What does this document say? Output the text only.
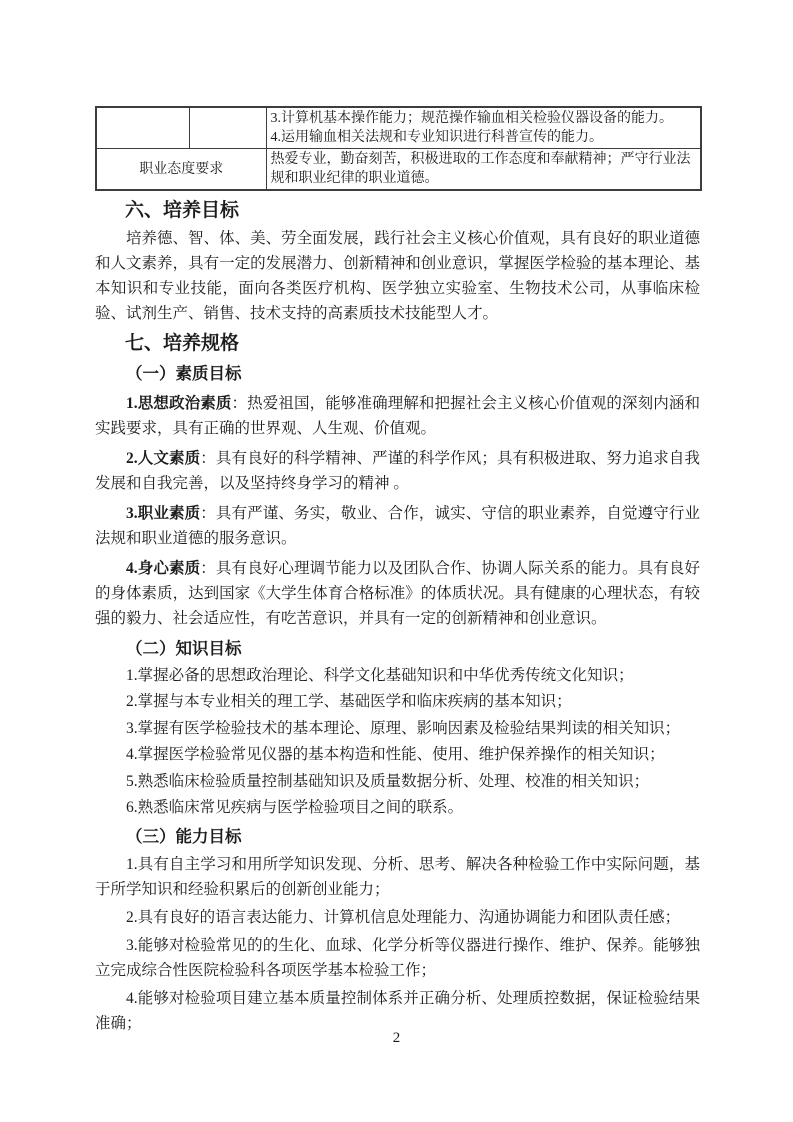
		3.计算机基本操作能力；规范操作输血相关检验仪器设备的能力。
4.运用输血相关法规和专业知识进行科普宣传的能力。

职业态度要求		热爱专业，勤奋刻苦，积极进取的工作态度和奉献精神；严守行业法规和职业纪律的职业道德。
六、培养目标

培养德、智、体、美、劳全面发展，践行社会主义核心价值观，具有良好的职业道德和人文素养，具有一定的发展潜力、创新精神和创业意识，掌握医学检验的基本理论、基本知识和专业技能，面向各类医疗机构、医学独立实验室、生物技术公司，从事临床检验、试剂生产、销售、技术支持的高素质技术技能型人才。

七、培养规格
（一）素质目标

1.思想政治素质：热爱祖国，能够准确理解和把握社会主义核心价值观的深刻内涵和实践要求，具有正确的世界观、人生观、价值观。

2.人文素质：具有良好的科学精神、严谨的科学作风；具有积极进取、努力追求自我发展和自我完善，以及坚持终身学习的精神 。

3.职业素质：具有严谨、务实，敬业、合作，诚实、守信的职业素养，自觉遵守行业法规和职业道德的服务意识。

4.身心素质：具有良好心理调节能力以及团队合作、协调人际关系的能力。具有良好的身体素质，达到国家《大学生体育合格标准》的体质状况。具有健康的心理状态，有较强的毅力、社会适应性，有吃苦意识，并具有一定的创新精神和创业意识。

（二）知识目标

1.掌握必备的思想政治理论、科学文化基础知识和中华优秀传统文化知识；

2.掌握与本专业相关的理工学、基础医学和临床疾病的基本知识；

3.掌握有医学检验技术的基本理论、原理、影响因素及检验结果判读的相关知识；

4.掌握医学检验常见仪器的基本构造和性能、使用、维护保养操作的相关知识；

5.熟悉临床检验质量控制基础知识及质量数据分析、处理、校准的相关知识；

6.熟悉临床常见疾病与医学检验项目之间的联系。

（三）能力目标

1.具有自主学习和用所学知识发现、分析、思考、解决各种检验工作中实际问题，基于所学知识和经验积累后的创新创业能力；

2.具有良好的语言表达能力、计算机信息处理能力、沟通协调能力和团队责任感；

3.能够对检验常见的的生化、血球、化学分析等仪器进行操作、维护、保养。能够独立完成综合性医院检验科各项医学基本检验工作；

4.能够对检验项目建立基本质量控制体系并正确分析、处理质控数据，保证检验结果准确；

2
